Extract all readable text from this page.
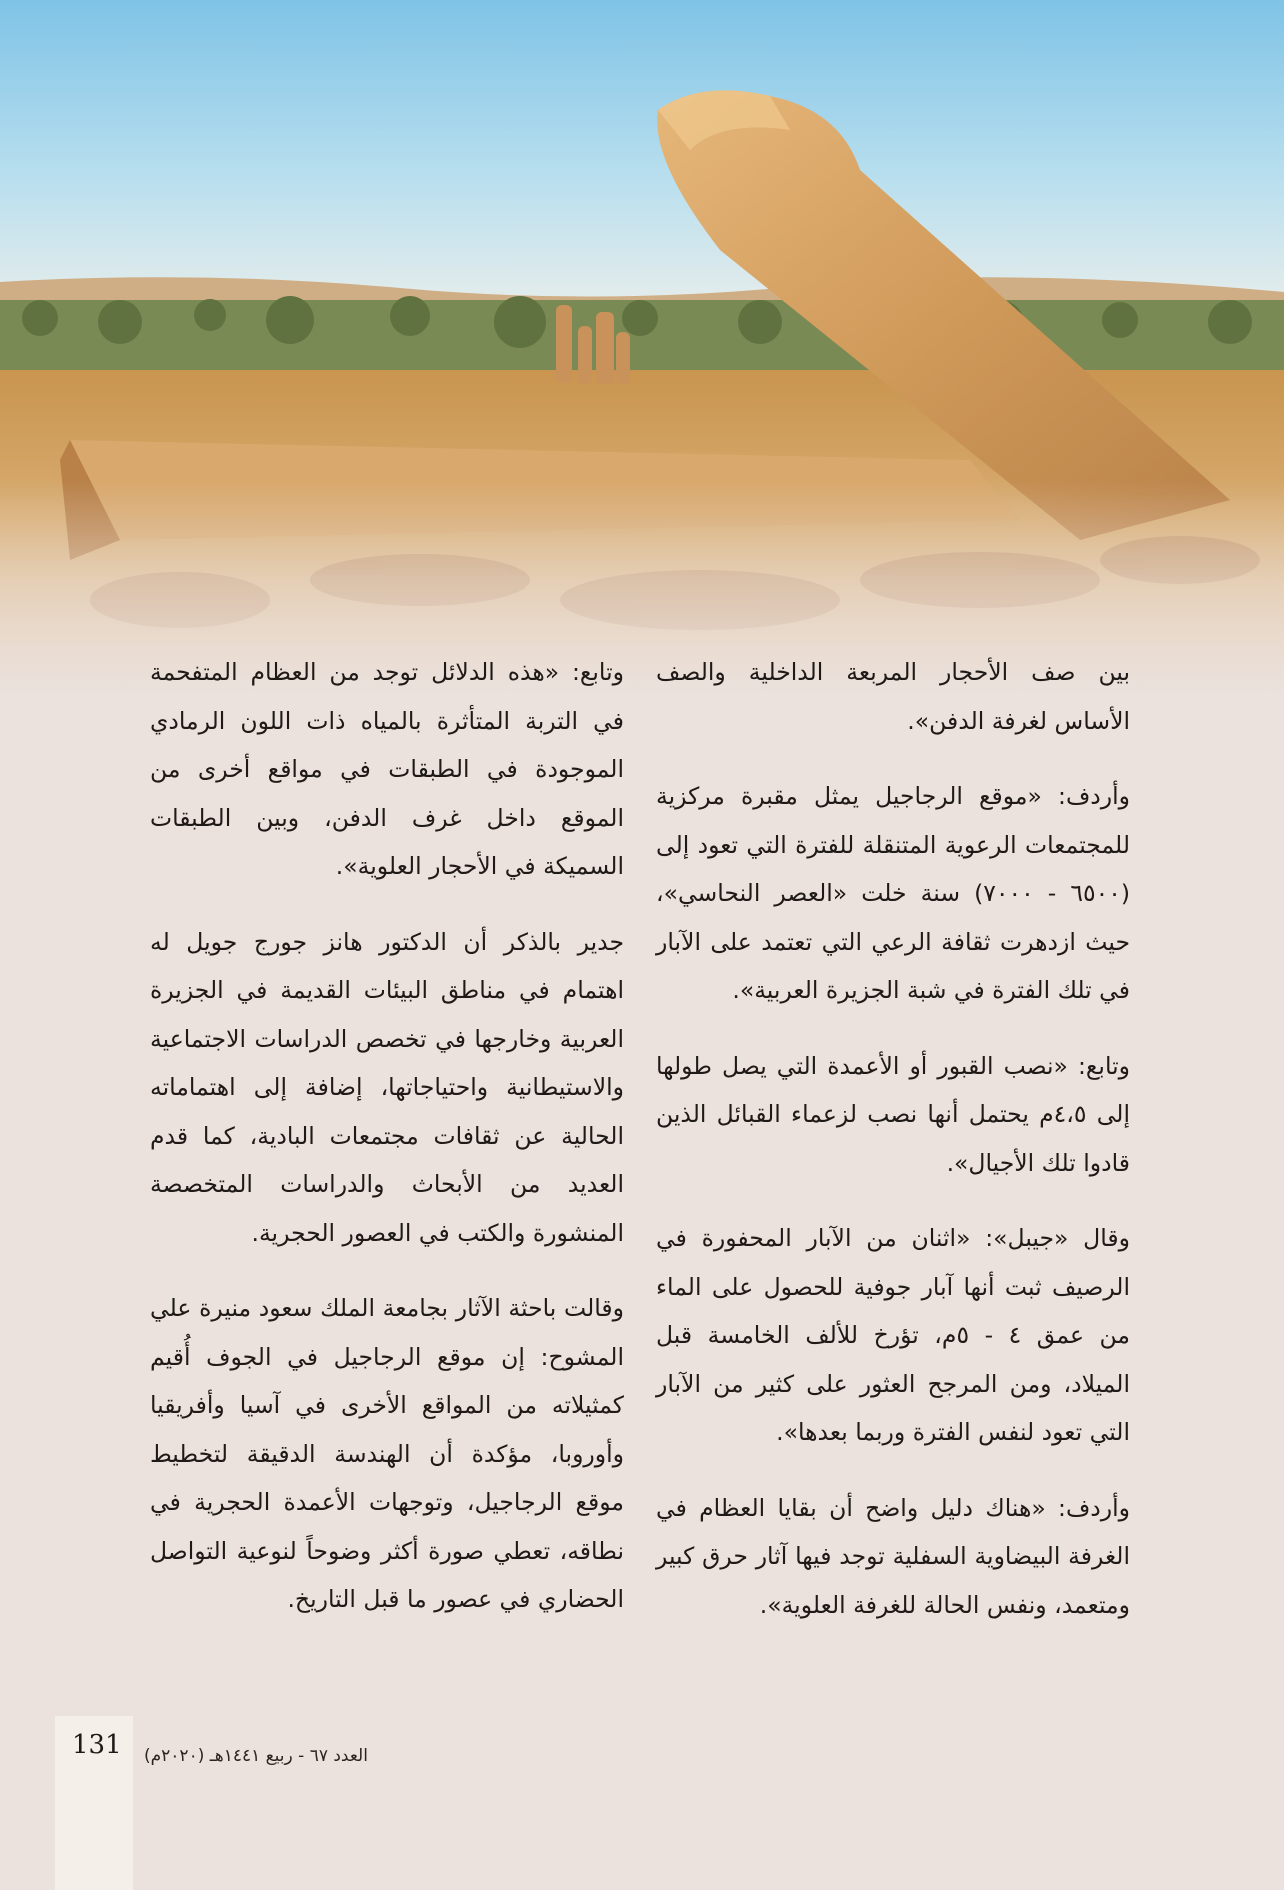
بين صف الأحجار المربعة الداخلية والصف الأساس لغرفة الدفن».

وأردف: «موقع الرجاجيل يمثل مقبرة مركزية للمجتمعات الرعوية المتنقلة للفترة التي تعود إلى (٦٥٠٠ - ٧٠٠٠) سنة خلت «العصر النحاسي»، حيث ازدهرت ثقافة الرعي التي تعتمد على الآبار في تلك الفترة في شبة الجزيرة العربية».

وتابع: «نصب القبور أو الأعمدة التي يصل طولها إلى ٤،٥م يحتمل أنها نصب لزعماء القبائل الذين قادوا تلك الأجيال».

وقال «جيبل»: «اثنان من الآبار المحفورة في الرصيف ثبت أنها آبار جوفية للحصول على الماء من عمق ٤ - ٥م، تؤرخ للألف الخامسة قبل الميلاد، ومن المرجح العثور على كثير من الآبار التي تعود لنفس الفترة وربما بعدها».

وأردف: «هناك دليل واضح أن بقايا العظام في الغرفة البيضاوية السفلية توجد فيها آثار حرق كبير ومتعمد، ونفس الحالة للغرفة العلوية».

وتابع: «هذه الدلائل توجد من العظام المتفحمة في التربة المتأثرة بالمياه ذات اللون الرمادي الموجودة في الطبقات في مواقع أخرى من الموقع داخل غرف الدفن، وبين الطبقات السميكة في الأحجار العلوية».

جدير بالذكر أن الدكتور هانز جورج جويل له اهتمام في مناطق البيئات القديمة في الجزيرة العربية وخارجها في تخصص الدراسات الاجتماعية والاستيطانية واحتياجاتها، إضافة إلى اهتماماته الحالية عن ثقافات مجتمعات البادية، كما قدم العديد من الأبحاث والدراسات المتخصصة المنشورة والكتب في العصور الحجرية.

وقالت باحثة الآثار بجامعة الملك سعود منيرة علي المشوح: إن موقع الرجاجيل في الجوف أُقيم كمثيلاته من المواقع الأخرى في آسيا وأفريقيا وأوروبا، مؤكدة أن الهندسة الدقيقة لتخطيط موقع الرجاجيل، وتوجهات الأعمدة الحجرية في نطاقه، تعطي صورة أكثر وضوحاً لنوعية التواصل الحضاري في عصور ما قبل التاريخ.

131 العدد ٦٧ - ربيع ١٤٤١هـ (٢٠٢٠م)
